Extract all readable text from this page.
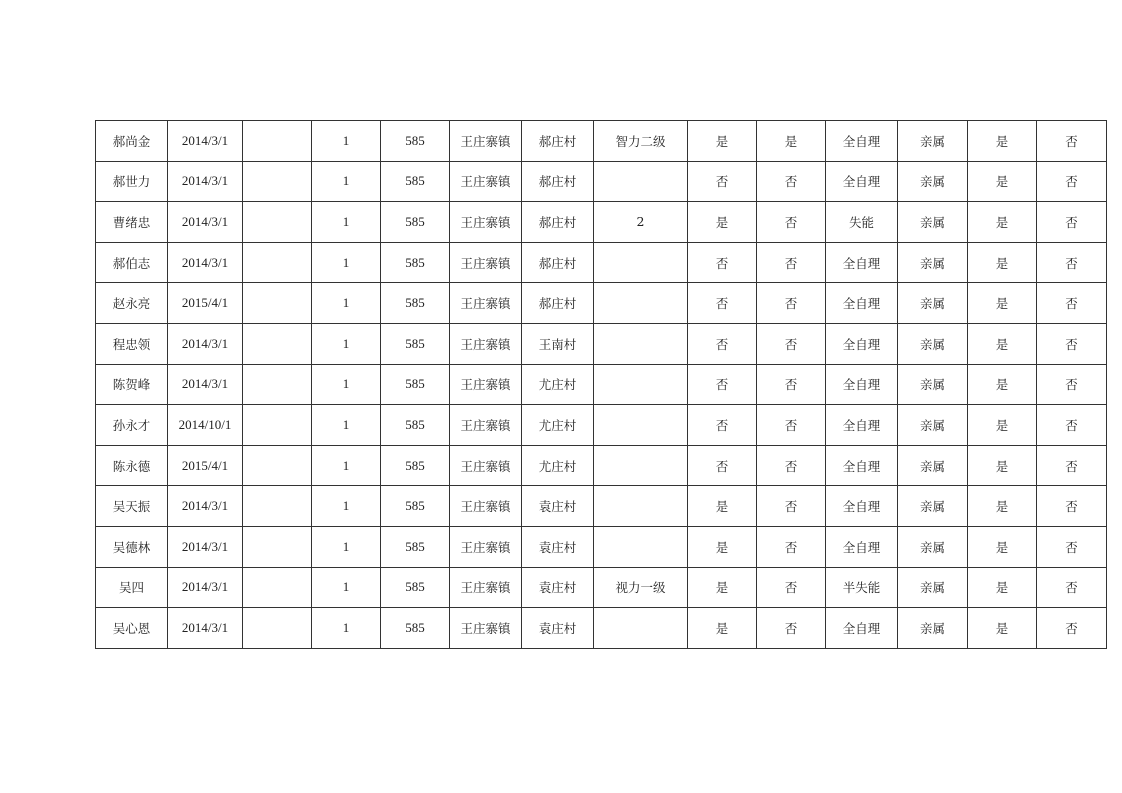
郝尚金	2014/3/1		1	585	王庄寨镇	郝庄村	智力二级	是	是	全自理	亲属	是	否
郝世力	2014/3/1		1	585	王庄寨镇	郝庄村		否	否	全自理	亲属	是	否
曹绪忠	2014/3/1		1	585	王庄寨镇	郝庄村	2	是	否	失能	亲属	是	否
郝伯志	2014/3/1		1	585	王庄寨镇	郝庄村		否	否	全自理	亲属	是	否
赵永亮	2015/4/1		1	585	王庄寨镇	郝庄村		否	否	全自理	亲属	是	否
程忠领	2014/3/1		1	585	王庄寨镇	王南村		否	否	全自理	亲属	是	否
陈贺峰	2014/3/1		1	585	王庄寨镇	尤庄村		否	否	全自理	亲属	是	否
孙永才	2014/10/1		1	585	王庄寨镇	尤庄村		否	否	全自理	亲属	是	否
陈永德	2015/4/1		1	585	王庄寨镇	尤庄村		否	否	全自理	亲属	是	否
吴天振	2014/3/1		1	585	王庄寨镇	袁庄村		是	否	全自理	亲属	是	否
吴德林	2014/3/1		1	585	王庄寨镇	袁庄村		是	否	全自理	亲属	是	否
吴四	2014/3/1		1	585	王庄寨镇	袁庄村	视力一级	是	否	半失能	亲属	是	否
吴心恩	2014/3/1		1	585	王庄寨镇	袁庄村		是	否	全自理	亲属	是	否
